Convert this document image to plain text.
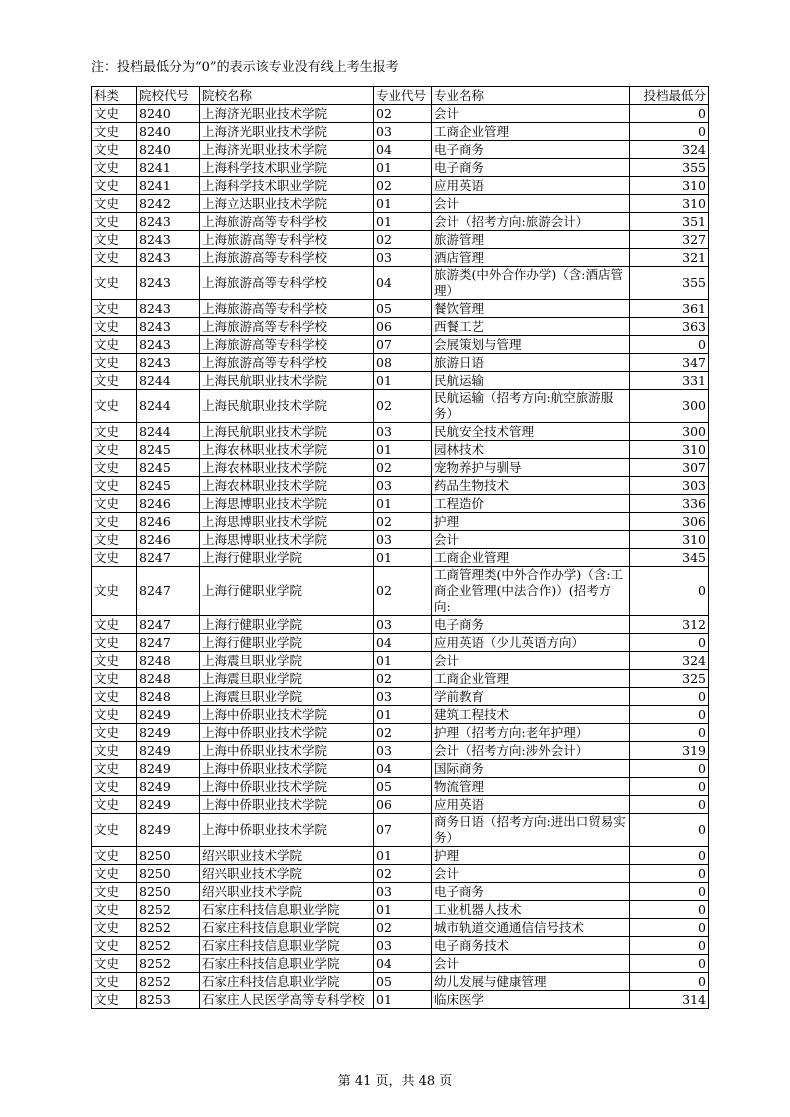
注：投档最低分为“0”的表示该专业没有线上考生报考
科类	院校代号	院校名称	专业代号	专业名称	投档最低分
文史	8240	上海济光职业技术学院	02	会计	0
文史	8240	上海济光职业技术学院	03	工商企业管理	0
文史	8240	上海济光职业技术学院	04	电子商务	324
文史	8241	上海科学技术职业学院	01	电子商务	355
文史	8241	上海科学技术职业学院	02	应用英语	310
文史	8242	上海立达职业技术学院	01	会计	310
文史	8243	上海旅游高等专科学校	01	会计（招考方向:旅游会计）	351
文史	8243	上海旅游高等专科学校	02	旅游管理	327
文史	8243	上海旅游高等专科学校	03	酒店管理	321
文史	8243	上海旅游高等专科学校	04	旅游类(中外合作办学)（含:酒店管理）	355
文史	8243	上海旅游高等专科学校	05	餐饮管理	361
文史	8243	上海旅游高等专科学校	06	西餐工艺	363
文史	8243	上海旅游高等专科学校	07	会展策划与管理	0
文史	8243	上海旅游高等专科学校	08	旅游日语	347
文史	8244	上海民航职业技术学院	01	民航运输	331
文史	8244	上海民航职业技术学院	02	民航运输（招考方向:航空旅游服务）	300
文史	8244	上海民航职业技术学院	03	民航安全技术管理	300
文史	8245	上海农林职业技术学院	01	园林技术	310
文史	8245	上海农林职业技术学院	02	宠物养护与驯导	307
文史	8245	上海农林职业技术学院	03	药品生物技术	303
文史	8246	上海思博职业技术学院	01	工程造价	336
文史	8246	上海思博职业技术学院	02	护理	306
文史	8246	上海思博职业技术学院	03	会计	310
文史	8247	上海行健职业学院	01	工商企业管理	345
文史	8247	上海行健职业学院	02	工商管理类(中外合作办学)（含:工商企业管理(中法合作)）(招考方向:	0
文史	8247	上海行健职业学院	03	电子商务	312
文史	8247	上海行健职业学院	04	应用英语（少儿英语方向）	0
文史	8248	上海震旦职业学院	01	会计	324
文史	8248	上海震旦职业学院	02	工商企业管理	325
文史	8248	上海震旦职业学院	03	学前教育	0
文史	8249	上海中侨职业技术学院	01	建筑工程技术	0
文史	8249	上海中侨职业技术学院	02	护理（招考方向:老年护理）	0
文史	8249	上海中侨职业技术学院	03	会计（招考方向:涉外会计）	319
文史	8249	上海中侨职业技术学院	04	国际商务	0
文史	8249	上海中侨职业技术学院	05	物流管理	0
文史	8249	上海中侨职业技术学院	06	应用英语	0
文史	8249	上海中侨职业技术学院	07	商务日语（招考方向:进出口贸易实务）	0
文史	8250	绍兴职业技术学院	01	护理	0
文史	8250	绍兴职业技术学院	02	会计	0
文史	8250	绍兴职业技术学院	03	电子商务	0
文史	8252	石家庄科技信息职业学院	01	工业机器人技术	0
文史	8252	石家庄科技信息职业学院	02	城市轨道交通通信信号技术	0
文史	8252	石家庄科技信息职业学院	03	电子商务技术	0
文史	8252	石家庄科技信息职业学院	04	会计	0
文史	8252	石家庄科技信息职业学院	05	幼儿发展与健康管理	0
文史	8253	石家庄人民医学高等专科学校	01	临床医学	314
第 41 页，共 48 页
